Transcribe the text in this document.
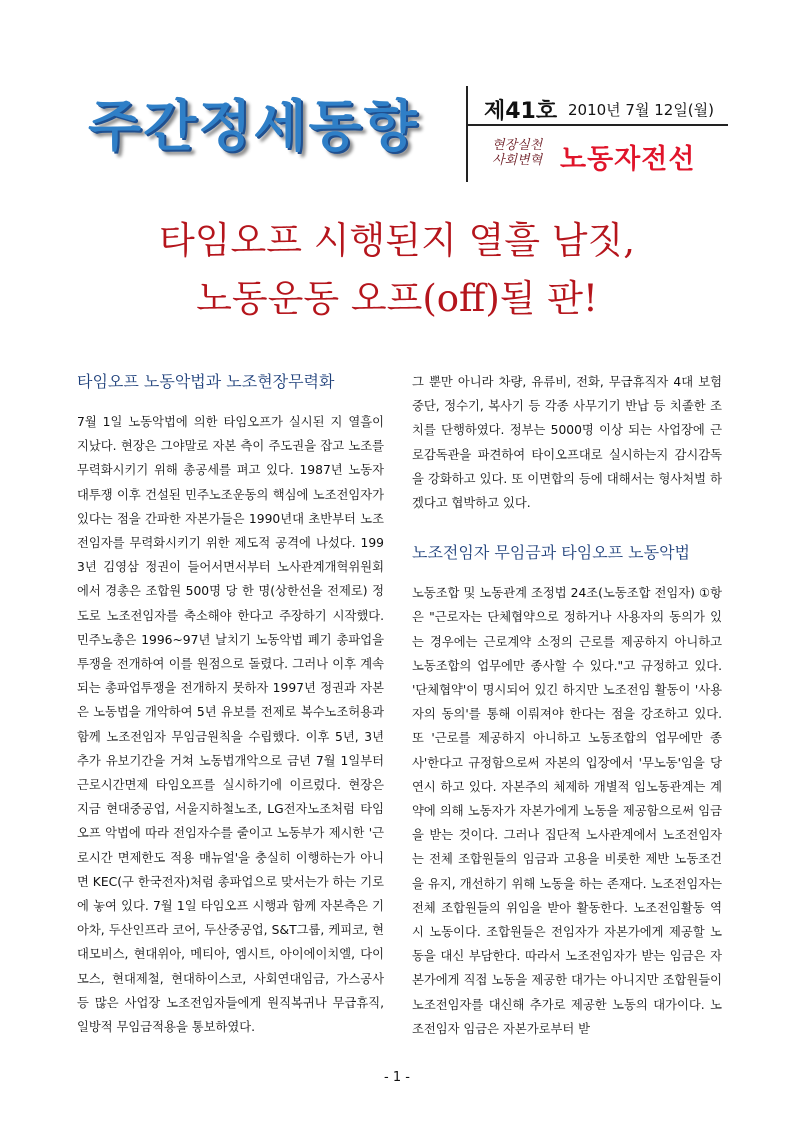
주간정세동향	제41호 2010년 7월 12일(월)
현장실천
사회변혁 노동자전선
타임오프 시행된지 열흘 남짓,
노동운동 오프(off)될 판!
타임오프 노동악법과 노조현장무력화

7월 1일 노동악법에 의한 타임오프가 실시된 지 열흘이 지났다. 현장은 그야말로 자본 측이 주도권을 잡고 노조를 무력화시키기 위해 총공세를 펴고 있다. 1987년 노동자 대투쟁 이후 건설된 민주노조운동의 핵심에 노조전임자가 있다는 점을 간파한 자본가들은 1990년대 초반부터 노조전임자를 무력화시키기 위한 제도적 공격에 나섰다. 1993년 김영삼 정권이 들어서면서부터 노사관계개혁위원회에서 경총은 조합원 500명 당 한 명(상한선을 전제로) 정도로 노조전임자를 축소해야 한다고 주장하기 시작했다. 민주노총은 1996~97년 날치기 노동악법 폐기 총파업을 투쟁을 전개하여 이를 원점으로 돌렸다. 그러나 이후 계속되는 총파업투쟁을 전개하지 못하자 1997년 정권과 자본은 노동법을 개악하여 5년 유보를 전제로 복수노조허용과 함께 노조전임자 무임금원칙을 수립했다. 이후 5년, 3년 추가 유보기간을 거쳐 노동법개악으로 금년 7월 1일부터 근로시간면제 타임오프를 실시하기에 이르렀다. 현장은 지금 현대중공업, 서울지하철노조, LG전자노조처럼 타임오프 악법에 따라 전임자수를 줄이고 노동부가 제시한 '근로시간 면제한도 적용 매뉴얼'을 충실히 이행하는가 아니면 KEC(구 한국전자)처럼 총파업으로 맞서는가 하는 기로에 놓여 있다. 7월 1일 타임오프 시행과 함께 자본측은 기아차, 두산인프라 코어, 두산중공업, S&T그룹, 케피코, 현대모비스, 현대위아, 메티아, 엠시트, 아이에이치엘, 다이모스, 현대제철, 현대하이스코, 사회연대임금, 가스공사 등 많은 사업장 노조전임자들에게 원직복귀나 무급휴직, 일방적 무임금적용을 통보하였다.

그 뿐만 아니라 차량, 유류비, 전화, 무급휴직자 4대 보험 중단, 정수기, 복사기 등 각종 사무기기 반납 등 치졸한 조치를 단행하였다. 정부는 5000명 이상 되는 사업장에 근로감독관을 파견하여 타이오프대로 실시하는지 감시감독을 강화하고 있다. 또 이면합의 등에 대해서는 형사처벌 하겠다고 협박하고 있다.

노조전임자 무임금과 타임오프 노동악법

노동조합 및 노동관계 조정법 24조(노동조합 전임자) ①항은 "근로자는 단체협약으로 정하거나 사용자의 동의가 있는 경우에는 근로계약 소정의 근로를 제공하지 아니하고 노동조합의 업무에만 종사할 수 있다."고 규정하고 있다. '단체협약'이 명시되어 있긴 하지만 노조전임 활동이 '사용자의 동의'를 통해 이뤄져야 한다는 점을 강조하고 있다. 또 '근로를 제공하지 아니하고 노동조합의 업무에만 종사'한다고 규정함으로써 자본의 입장에서 '무노동'임을 당연시 하고 있다. 자본주의 체제하 개별적 임노동관계는 계약에 의해 노동자가 자본가에게 노동을 제공함으로써 임금을 받는 것이다. 그러나 집단적 노사관계에서 노조전임자는 전체 조합원들의 임금과 고용을 비롯한 제반 노동조건을 유지, 개선하기 위해 노동을 하는 존재다. 노조전임자는 전체 조합원들의 위임을 받아 활동한다. 노조전임활동 역시 노동이다. 조합원들은 전임자가 자본가에게 제공할 노동을 대신 부담한다. 따라서 노조전임자가 받는 임금은 자본가에게 직접 노동을 제공한 대가는 아니지만 조합원들이 노조전임자를 대신해 추가로 제공한 노동의 대가이다. 노조전임자 임금은 자본가로부터 받

- 1 -
